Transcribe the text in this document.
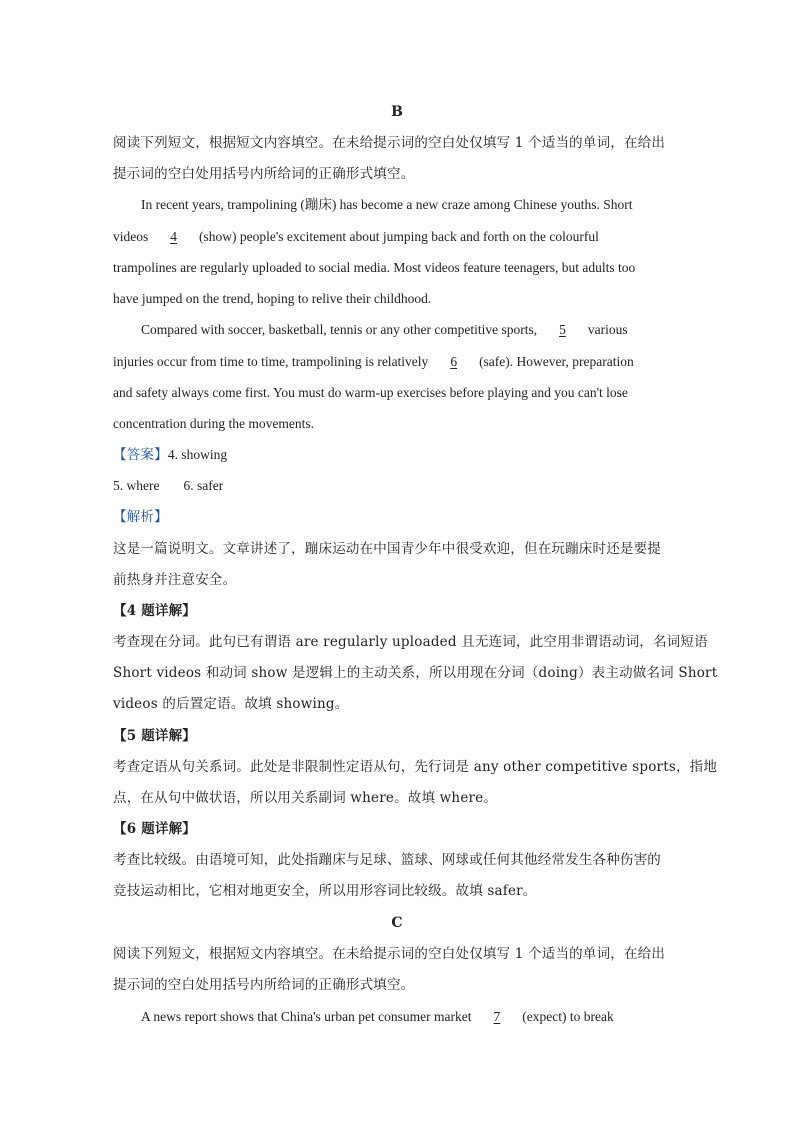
B
阅读下列短文，根据短文内容填空。在未给提示词的空白处仅填写 1 个适当的单词，在给出
提示词的空白处用括号内所给词的正确形式填空。
In recent years, trampolining (蹦床) has become a new craze among Chinese youths. Short
videos 4 (show) people's excitement about jumping back and forth on the colourful
trampolines are regularly uploaded to social media. Most videos feature teenagers, but adults too
have jumped on the trend, hoping to relive their childhood.
Compared with soccer, basketball, tennis or any other competitive sports, 5 various
injuries occur from time to time, trampolining is relatively 6 (safe). However, preparation
and safety always come first. You must do warm-up exercises before playing and you can't lose
concentration during the movements.
【答案】4. showing
5. where 6. safer
【解析】
这是一篇说明文。文章讲述了，蹦床运动在中国青少年中很受欢迎，但在玩蹦床时还是要提
前热身并注意安全。
【4 题详解】
考查现在分词。此句已有谓语 are regularly uploaded 且无连词，此空用非谓语动词，名词短语
Short videos 和动词 show 是逻辑上的主动关系，所以用现在分词（doing）表主动做名词 Short
videos 的后置定语。故填 showing。
【5 题详解】
考查定语从句关系词。此处是非限制性定语从句，先行词是 any other competitive sports，指地
点，在从句中做状语，所以用关系副词 where。故填 where。
【6 题详解】
考查比较级。由语境可知，此处指蹦床与足球、篮球、网球或任何其他经常发生各种伤害的
竞技运动相比，它相对地更安全，所以用形容词比较级。故填 safer。
C
阅读下列短文，根据短文内容填空。在未给提示词的空白处仅填写 1 个适当的单词，在给出
提示词的空白处用括号内所给词的正确形式填空。
A news report shows that China's urban pet consumer market 7 (expect) to break
